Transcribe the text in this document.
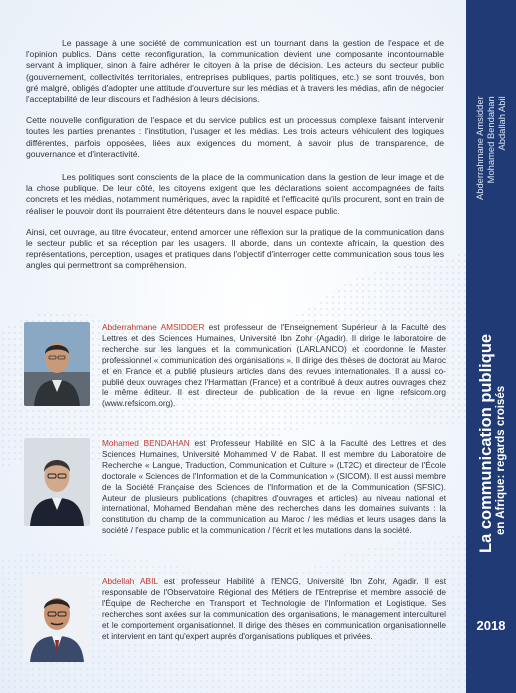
Le passage à une société de communication est un tournant dans la gestion de l'espace et de l'opinion publics. Dans cette reconfiguration, la communication devient une composante incontournable servant à impliquer, sinon à faire adhérer le citoyen à la prise de décision. Les acteurs du secteur public (gouvernement, collectivités territoriales, entreprises publiques, partis politiques, etc.) se sont trouvés, bon gré malgré, obligés d'adopter une attitude d'ouverture sur les médias et à travers les médias, afin de négocier l'acceptabilité de leur discours et l'adhésion à leurs décisions.

Cette nouvelle configuration de l'espace et du service publics est un processus complexe faisant intervenir toutes les parties prenantes : l'institution, l'usager et les médias. Les trois acteurs véhiculent des logiques différentes, parfois opposées, liées aux exigences du moment, à savoir plus de transparence, de gouvernance et d'interactivité.

Les politiques sont conscients de la place de la communication dans la gestion de leur image et de la chose publique. De leur côté, les citoyens exigent que les déclarations soient accompagnées de faits concrets et les médias, notamment numériques, avec la rapidité et l'efficacité qu'ils procurent, sont en train de réaliser le pouvoir dont ils pourraient être détenteurs dans le nouvel espace public.

Ainsi, cet ouvrage, au titre évocateur, entend amorcer une réflexion sur la pratique de la communication dans le secteur public et sa réception par les usagers. Il aborde, dans un contexte africain, la question des représentations, perception, usages et pratiques dans l'objectif d'interroger cette communication sous tous les angles qui permettront sa compréhension.

Abderrahmane AMSIDDER est professeur de l'Enseignement Supérieur à la Faculté des Lettres et des Sciences Humaines, Université Ibn Zohr (Agadir). Il dirige le laboratoire de recherche sur les langues et la communication (LARLANCO) et coordonne le Master professionnel « communication des organisations ». Il dirige des thèses de doctorat au Maroc et en France et a publié plusieurs articles dans des revues internationales. Il a aussi co-publié deux ouvrages chez l'Harmattan (France) et a contribué à deux autres ouvrages chez le même éditeur. Il est directeur de publication de la revue en ligne refsicom.org (www.refsicom.org).

Mohamed BENDAHAN est Professeur Habilité en SIC à la Faculté des Lettres et des Sciences Humaines, Université Mohammed V de Rabat. Il est membre du Laboratoire de Recherche « Langue, Traduction, Communication et Culture » (LT2C) et directeur de l'École doctorale « Sciences de l'Information et de la Communication » (SICOM). Il est aussi membre de la Société Française des Sciences de l'Information et de la Communication (SFSIC). Auteur de plusieurs publications (chapitres d'ouvrages et articles) au niveau national et international, Mohamed Bendahan mène des recherches dans les domaines suivants : la constitution du champ de la communication au Maroc / les médias et leurs usages dans la société / l'espace public et la communication / l'écrit et les mutations dans la société.

Abdellah ABIL est professeur Habilité à l'ENCG, Université Ibn Zohr, Agadir. Il est responsable de l'Observatoire Régional des Métiers de l'Entreprise et membre associé de l'Équipe de Recherche en Transport et Technologie de l'Information et Logistique. Ses recherches sont axées sur la communication des organisations, le management interculturel et le comportement organisationnel. Il dirige des thèses en communication organisationnelle et intervient en tant qu'expert auprès d'organisations publiques et privées.

Abderrahmane Amsidder Mohamed Bendahan Abdallah Abil
La communication publique en Afrique: regards croisés
2018
